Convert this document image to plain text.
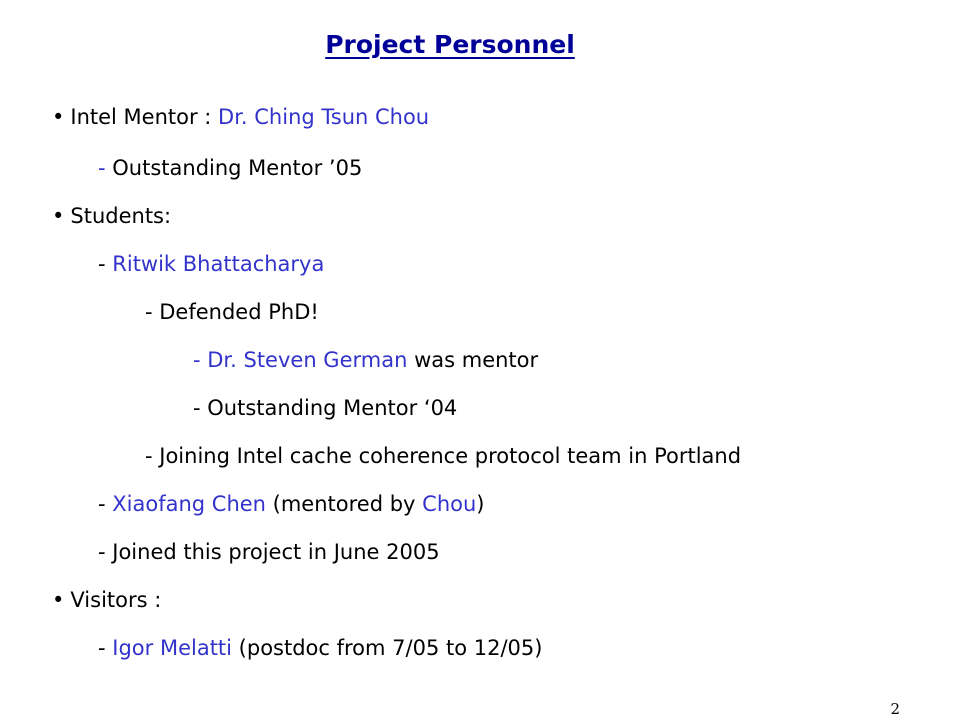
Project Personnel
• Intel Mentor : Dr. Ching Tsun Chou
- Outstanding Mentor ’05
• Students:
- Ritwik Bhattacharya
- Defended PhD!
- Dr. Steven German was mentor
- Outstanding Mentor ‘04
- Joining Intel cache coherence protocol team in Portland
- Xiaofang Chen (mentored by Chou)
- Joined this project in June 2005
• Visitors :
- Igor Melatti (postdoc from 7/05 to 12/05)
2
